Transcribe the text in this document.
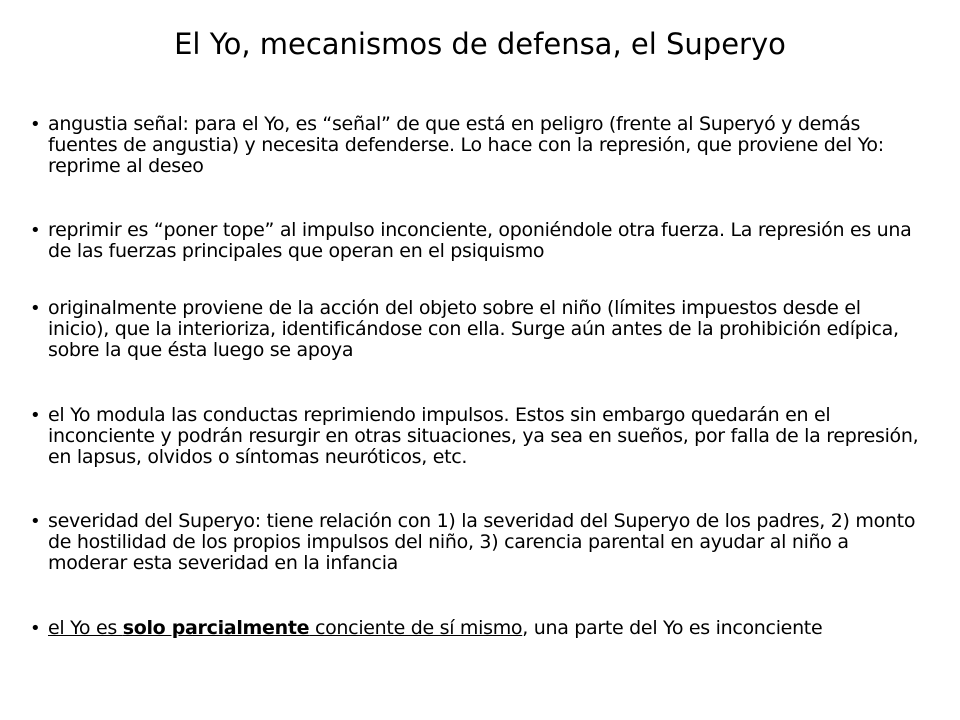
El Yo, mecanismos de defensa, el Superyo
• angustia señal: para el Yo, es “señal” de que está en peligro (frente al Superyó y demás fuentes de angustia) y necesita defenderse. Lo hace con la represión, que proviene del Yo: reprime al deseo
• reprimir es “poner tope” al impulso inconciente, oponiéndole otra fuerza. La represión es una de las fuerzas principales que operan en el psiquismo
• originalmente proviene de la acción del objeto sobre el niño (límites impuestos desde el inicio), que la interioriza, identificándose con ella. Surge aún antes de la prohibición edípica, sobre la que ésta luego se apoya
• el Yo modula las conductas reprimiendo impulsos. Estos sin embargo quedarán en el inconciente y podrán resurgir en otras situaciones, ya sea en sueños, por falla de la represión, en lapsus, olvidos o síntomas neuróticos, etc.
• severidad del Superyo: tiene relación con 1) la severidad del Superyo de los padres, 2) monto de hostilidad de los propios impulsos del niño, 3) carencia parental en ayudar al niño a moderar esta severidad en la infancia
• el Yo es solo parcialmente conciente de sí mismo, una parte del Yo es inconciente
